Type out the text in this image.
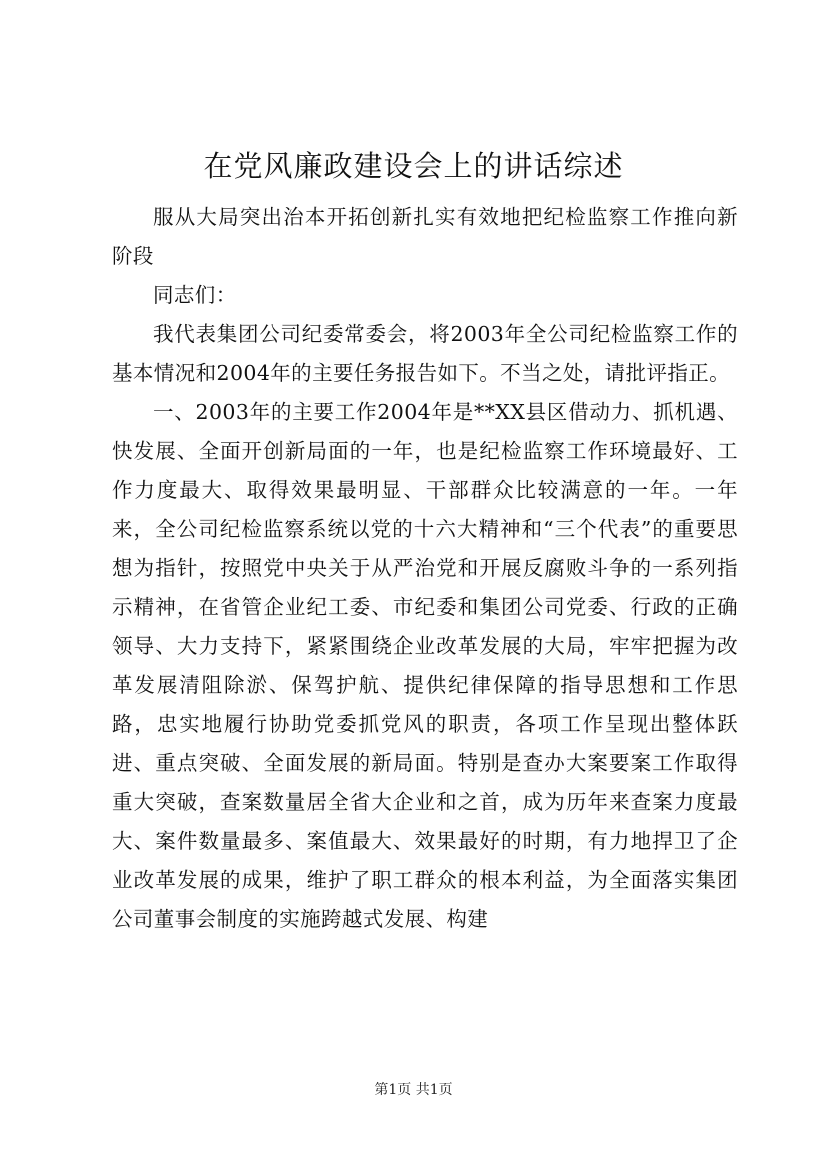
在党风廉政建设会上的讲话综述

服从大局突出治本开拓创新扎实有效地把纪检监察工作推向新阶段

同志们：

我代表集团公司纪委常委会，将2003年全公司纪检监察工作的基本情况和2004年的主要任务报告如下。不当之处，请批评指正。

一、2003年的主要工作2004年是**XX县区借动力、抓机遇、快发展、全面开创新局面的一年，也是纪检监察工作环境最好、工作力度最大、取得效果最明显、干部群众比较满意的一年。一年来，全公司纪检监察系统以党的十六大精神和“三个代表”的重要思想为指针，按照党中央关于从严治党和开展反腐败斗争的一系列指示精神，在省管企业纪工委、市纪委和集团公司党委、行政的正确领导、大力支持下，紧紧围绕企业改革发展的大局，牢牢把握为改革发展清阻除淤、保驾护航、提供纪律保障的指导思想和工作思路，忠实地履行协助党委抓党风的职责，各项工作呈现出整体跃进、重点突破、全面发展的新局面。特别是查办大案要案工作取得重大突破，查案数量居全省大企业和之首，成为历年来查案力度最大、案件数量最多、案值最大、效果最好的时期，有力地捍卫了企业改革发展的成果，维护了职工群众的根本利益，为全面落实集团公司董事会制度的实施跨越式发展、构建

第1页 共1页
